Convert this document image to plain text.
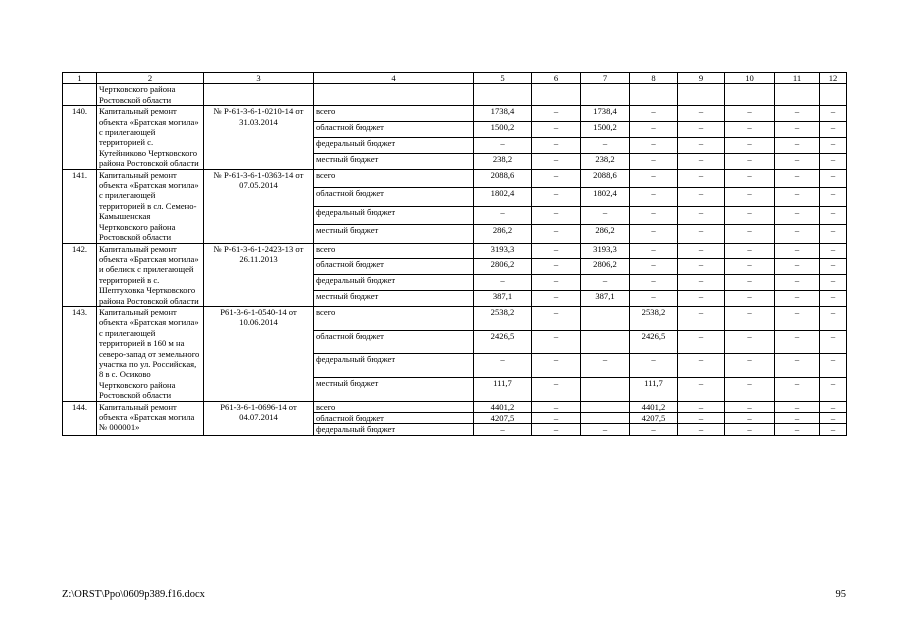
1	2	3	4	5	6	7	8	9	10	11	12
	Чертковского района Ростовской области										
140.	Капитальный ремонт объекта «Братская могила» с прилегающей территорией с. Кутейниково Чертковского района Ростовской области	№ Р-61-3-6-1-0210-14 от 31.03.2014	всего	1738,4	–	1738,4	–	–	–	–	–
			областной бюджет	1500,2	–	1500,2	–	–	–	–	–
			федеральный бюджет	–	–	–	–	–	–	–	–
			местный бюджет	238,2	–	238,2	–	–	–	–	–
141.	Капитальный ремонт объекта «Братская могила» с прилегающей территорией в сл. Семено-Камышенская Чертковского района Ростовской области	№ Р-61-3-6-1-0363-14 от 07.05.2014	всего	2088,6	–	2088,6	–	–	–	–	–
			областной бюджет	1802,4	–	1802,4	–	–	–	–	–
			федеральный бюджет	–	–	–	–	–	–	–	–
			местный бюджет	286,2	–	286,2	–	–	–	–	–
142.	Капитальный ремонт объекта «Братская могила» и обелиск с прилегающей территорией в с. Шептуховка Чертковского района Ростовской области	№ Р-61-3-6-1-2423-13 от 26.11.2013	всего	3193,3	–	3193,3	–	–	–	–	–
			областной бюджет	2806,2	–	2806,2	–	–	–	–	–
			федеральный бюджет	–	–	–	–	–	–	–	–
			местный бюджет	387,1	–	387,1	–	–	–	–	–
143.	Капитальный ремонт объекта «Братская могила» с прилегающей территорией в 160 м на северо-запад от земельного участка по ул. Российская, 8 в с. Осиково Чертковского района Ростовской области	Р61-3-6-1-0540-14 от 10.06.2014	всего	2538,2	–		2538,2	–	–	–	–
			областной бюджет	2426,5	–		2426,5	–	–	–	–
			федеральный бюджет	–	–	–	–	–	–	–	–
			местный бюджет	111,7	–		111,7	–	–	–	–
144.	Капитальный ремонт объекта «Братская могила № 000001»	Р61-3-6-1-0696-14 от 04.07.2014	всего	4401,2	–		4401,2	–	–	–	–
			областной бюджет	4207,5	–		4207,5	–	–	–	–
			федеральный бюджет	–	–	–	–	–	–	–	–
Z:\ORST\Ppo\0609p389.f16.docx	95
